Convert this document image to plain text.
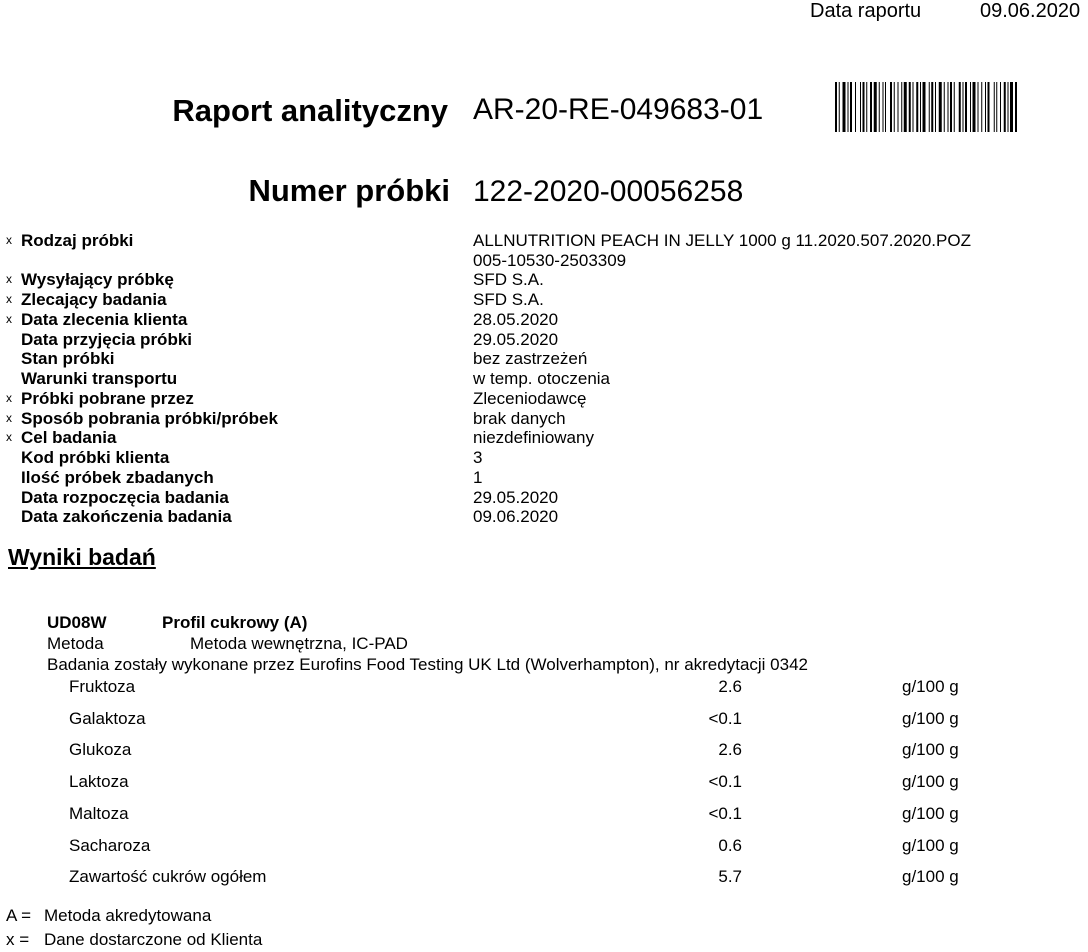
Data raportu	09.06.2020
Raport analityczny AR-20-RE-049683-01
Numer próbki 122-2020-00056258
x Rodzaj próbki	ALLNUTRITION PEACH IN JELLY 1000 g 11.2020.507.2020.POZ
005-10530-2503309
x Wysyłający próbkę	SFD S.A.
x Zlecający badania	SFD S.A.
x Data zlecenia klienta	28.05.2020
Data przyjęcia próbki	29.05.2020
Stan próbki	bez zastrzeżeń
Warunki transportu	w temp. otoczenia
x Próbki pobrane przez	Zleceniodawcę
x Sposób pobrania próbki/próbek	brak danych
x Cel badania	niezdefiniowany
Kod próbki klienta	3
Ilość próbek zbadanych	1
Data rozpoczęcia badania	29.05.2020
Data zakończenia badania	09.06.2020
Wyniki badań
UD08W	Profil cukrowy (A)
Metoda	Metoda wewnętrzna, IC-PAD
Badania zostały wykonane przez Eurofins Food Testing UK Ltd (Wolverhampton), nr akredytacji 0342
Fruktoza	2.6	g/100 g
Galaktoza	<0.1	g/100 g
Glukoza	2.6	g/100 g
Laktoza	<0.1	g/100 g
Maltoza	<0.1	g/100 g
Sacharoza	0.6	g/100 g
Zawartość cukrów ogółem	5.7	g/100 g
A = Metoda akredytowana
x = Dane dostarczone od Klienta
